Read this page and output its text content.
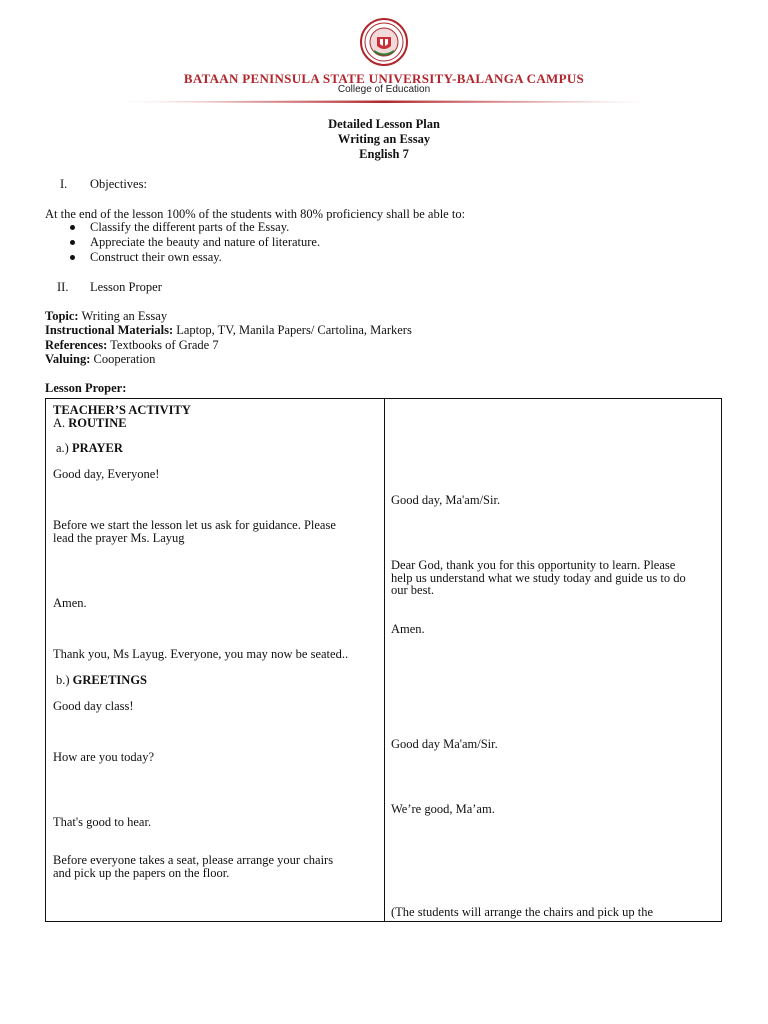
BATAAN PENINSULA STATE UNIVERSITY-BALANGA CAMPUS
College of Education
Detailed Lesson Plan
Writing an Essay
English 7
I. Objectives:
At the end of the lesson 100% of the students with 80% proficiency shall be able to:
Classify the different parts of the Essay.
Appreciate the beauty and nature of literature.
Construct their own essay.
II. Lesson Proper
Topic: Writing an Essay
Instructional Materials: Laptop, TV, Manila Papers/ Cartolina, Markers
References: Textbooks of Grade 7
Valuing: Cooperation
Lesson Proper:
TEACHER’S ACTIVITY
A. ROUTINE
a.) PRAYER
Good day, Everyone!
Before we start the lesson let us ask for guidance. Please
lead the prayer Ms. Layug
Amen.
Thank you, Ms Layug. Everyone, you may now be seated..
b.) GREETINGS
Good day class!
How are you today?
That's good to hear.
Before everyone takes a seat, please arrange your chairs
and pick up the papers on the floor.
Good day, Ma'am/Sir.
Dear God, thank you for this opportunity to learn. Please
help us understand what we study today and guide us to do
our best.
Amen.
Good day Ma'am/Sir.
We’re good, Ma’am.
(The students will arrange the chairs and pick up the
